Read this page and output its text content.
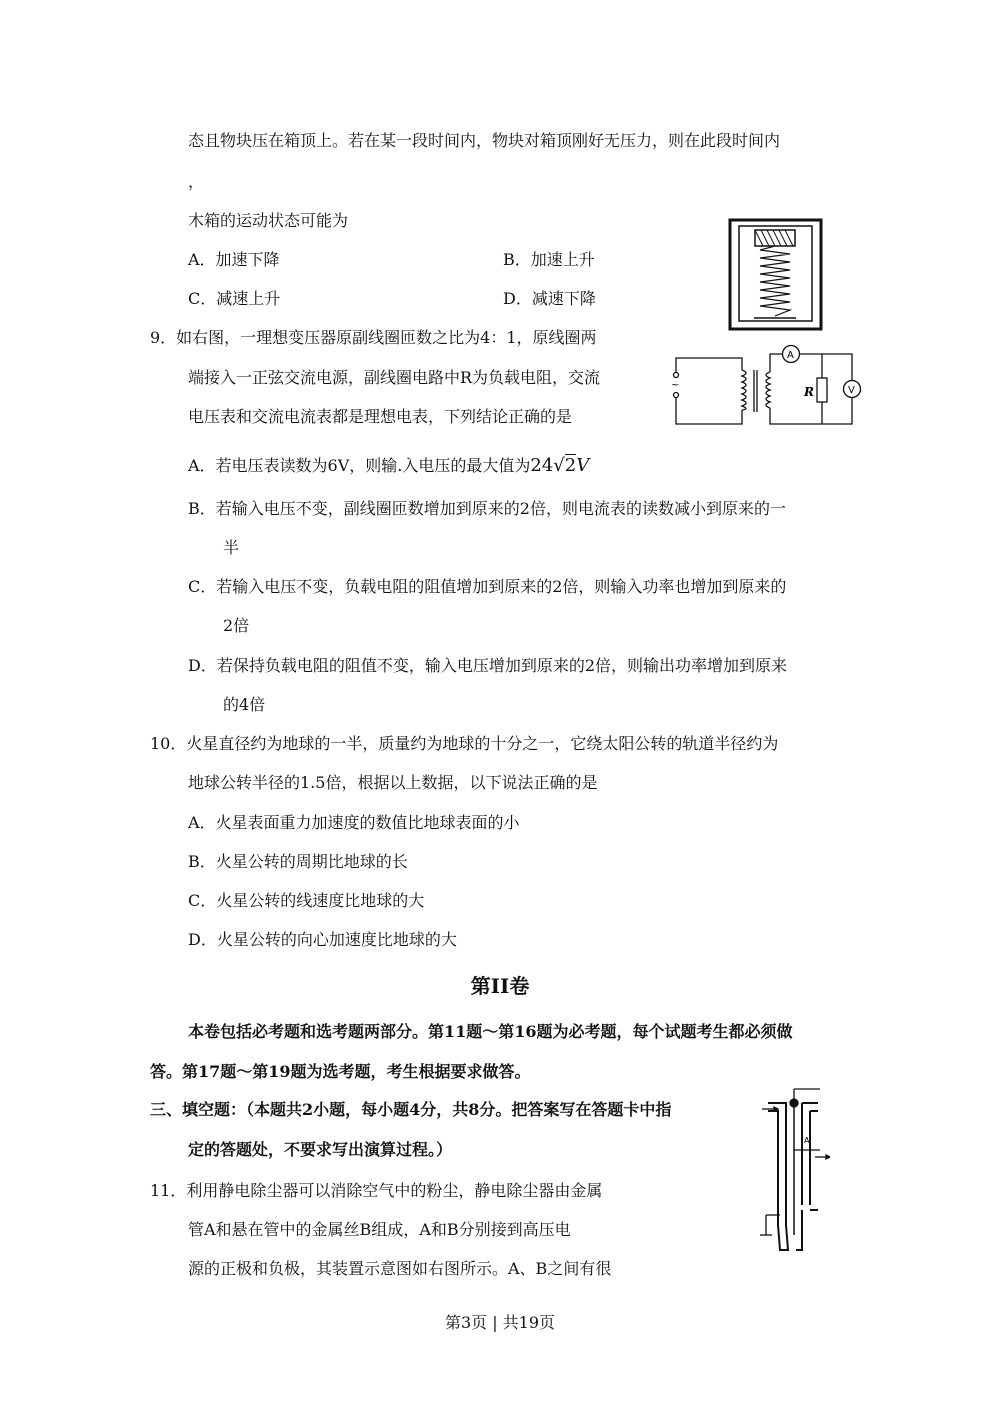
态且物块压在箱顶上。若在某一段时间内，物块对箱顶刚好无压力，则在此段时间内
，
木箱的运动状态可能为
A．加速下降	B．加速上升
C．减速上升	D．减速下降
9．如右图，一理想变压器原副线圈匝数之比为4：1，原线圈两
端接入一正弦交流电源，副线圈电路中R为负载电阻，交流
电压表和交流电流表都是理想电表，下列结论正确的是
~
A
R	V
A．若电压表读数为6V，则输.入电压的最大值为24√2V
B．若输入电压不变，副线圈匝数增加到原来的2倍，则电流表的读数减小到原来的一
半
C．若输入电压不变，负载电阻的阻值增加到原来的2倍，则输入功率也增加到原来的
2倍
D．若保持负载电阻的阻值不变，输入电压增加到原来的2倍，则输出功率增加到原来
的4倍
10．火星直径约为地球的一半，质量约为地球的十分之一，它绕太阳公转的轨道半径约为
地球公转半径的1.5倍，根据以上数据，以下说法正确的是
A．火星表面重力加速度的数值比地球表面的小
B．火星公转的周期比地球的长
C．火星公转的线速度比地球的大
D．火星公转的向心加速度比地球的大
第II卷
本卷包括必考题和选考题两部分。第11题～第16题为必考题，每个试题考生都必须做
答。第17题～第19题为选考题，考生根据要求做答。
三、填空题：（本题共2小题，每小题4分，共8分。把答案写在答题卡中指
定的答题处，不要求写出演算过程。）
11．利用静电除尘器可以消除空气中的粉尘，静电除尘器由金属
管A和悬在管中的金属丝B组成，A和B分别接到高压电
源的正极和负极，其装置示意图如右图所示。A、B之间有很
A
第3页 | 共19页
